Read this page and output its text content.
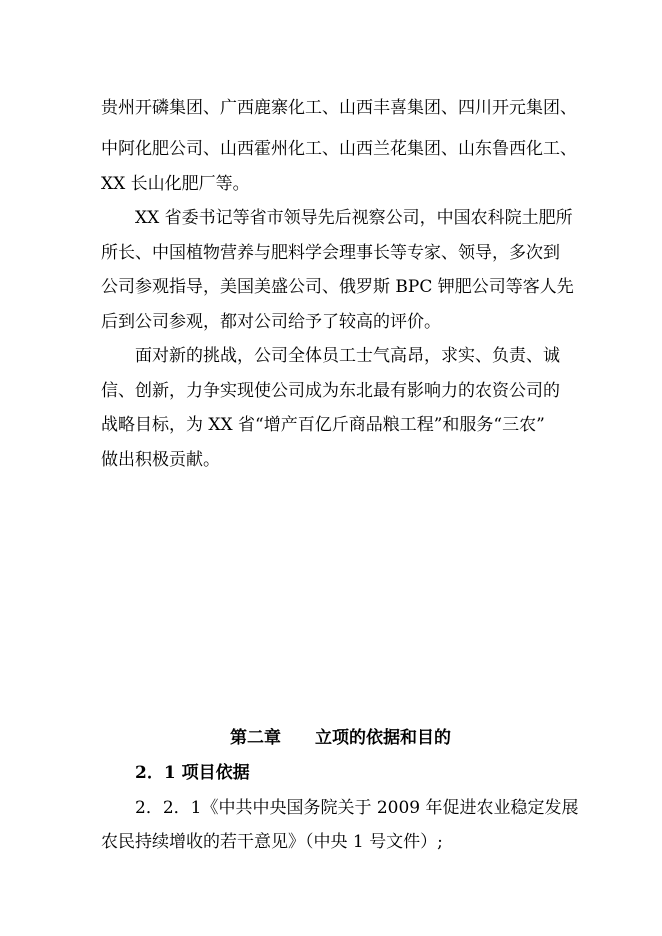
贵州开磷集团、广西鹿寨化工、山西丰喜集团、四川开元集团、
中阿化肥公司、山西霍州化工、山西兰花集团、山东鲁西化工、
XX 长山化肥厂等。
XX 省委书记等省市领导先后视察公司，中国农科院土肥所
所长、中国植物营养与肥料学会理事长等专家、领导，多次到
公司参观指导，美国美盛公司、俄罗斯 BPC 钾肥公司等客人先
后到公司参观，都对公司给予了较高的评价。
面对新的挑战，公司全体员工士气高昂，求实、负责、诚
信、创新，力争实现使公司成为东北最有影响力的农资公司的
战略目标，为 XX 省“增产百亿斤商品粮工程”和服务“三农”
做出积极贡献。
第二章　　立项的依据和目的
2．1 项目依据
2．2．1《中共中央国务院关于 2009 年促进农业稳定发展
农民持续增收的若干意见》（中央 1 号文件）;
